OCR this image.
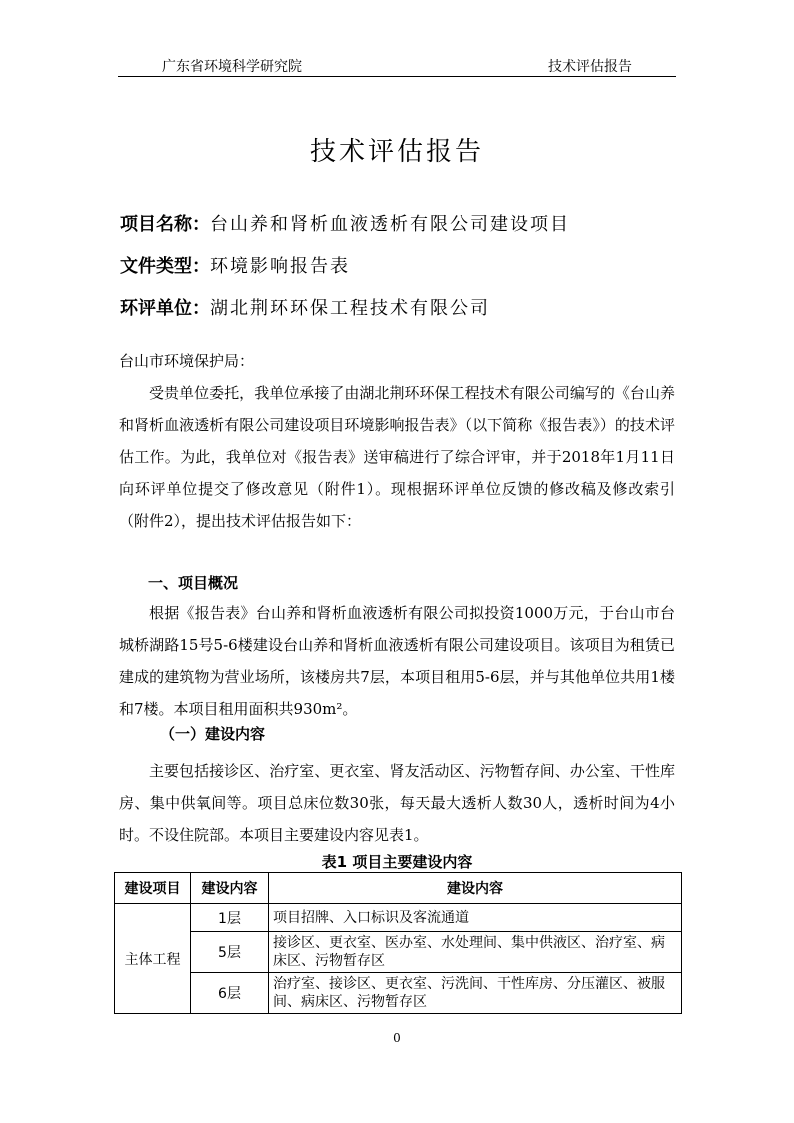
广东省环境科学研究院	技术评估报告
技术评估报告
项目名称：台山养和肾析血液透析有限公司建设项目
文件类型：环境影响报告表
环评单位：湖北荆环环保工程技术有限公司
台山市环境保护局：
受贵单位委托，我单位承接了由湖北荆环环保工程技术有限公司编写的《台山养和肾析血液透析有限公司建设项目环境影响报告表》（以下简称《报告表》）的技术评估工作。为此，我单位对《报告表》送审稿进行了综合评审，并于2018年1月11日向环评单位提交了修改意见（附件1）。现根据环评单位反馈的修改稿及修改索引（附件2），提出技术评估报告如下：
一、项目概况
根据《报告表》台山养和肾析血液透析有限公司拟投资1000万元，于台山市台城桥湖路15号5-6楼建设台山养和肾析血液透析有限公司建设项目。该项目为租赁已建成的建筑物为营业场所，该楼房共7层，本项目租用5-6层，并与其他单位共用1楼和7楼。本项目租用面积共930m²。
（一）建设内容
主要包括接诊区、治疗室、更衣室、肾友活动区、污物暂存间、办公室、干性库房、集中供氧间等。项目总床位数30张，每天最大透析人数30人，透析时间为4小时。不设住院部。本项目主要建设内容见表1。
表1 项目主要建设内容
建设项目	建设内容	建设内容
主体工程	1层	项目招牌、入口标识及客流通道
	5层	接诊区、更衣室、医办室、水处理间、集中供液区、治疗室、病床区、污物暂存区
	6层	治疗室、接诊区、更衣室、污洗间、干性库房、分压灌区、被服间、病床区、污物暂存区
0
